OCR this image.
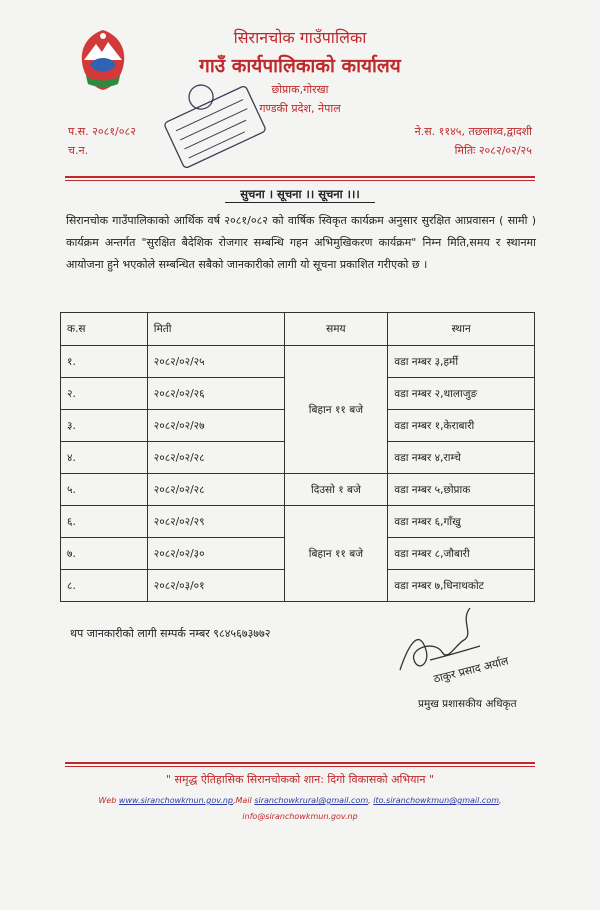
सिरानचोक गाउँपालिका
गाउँ कार्यपालिकाको कार्यालय
छोप्राक,गोरखा
गण्डकी प्रदेश, नेपाल
प.स. २०८१/०८२
च.न.
ने.स. ११४५, तछलाथ्व,द्वादशी
मितिः २०८२/०२/२५
सुचना । सूचना ।। सूचना ।।।
सिरानचोक गाउँपालिकाको आर्थिक वर्ष २०८१/०८२ को वार्षिक स्विकृत कार्यक्रम अनुसार सुरक्षित आप्रवासन ( सामी ) कार्यक्रम अन्तर्गत "सुरक्षित बैदेशिक रोजगार सम्बन्धि गहन अभिमुखिकरण कार्यक्रम" निम्न मिति,समय र स्थानमा आयोजना हुने भएकोले सम्बन्धित सबैको जानकारीको लागी यो सूचना प्रकाशित गरीएको छ ।
क.स	मिती	समय	स्थान
१.	२०८२/०२/२५	बिहान ११ बजे	वडा नम्बर ३,हर्मी
२.	२०८२/०२/२६		वडा नम्बर २,थालाजुङ
३.	२०८२/०२/२७		वडा नम्बर १,केराबारी
४.	२०८२/०२/२८		वडा नम्बर ४,राम्चे
५.	२०८२/०२/२८	दिउसो १ बजे	वडा नम्बर ५,छोप्राक
६.	२०८२/०२/२९	बिहान ११ बजे	वडा नम्बर ६,गाँखु
७.	२०८२/०२/३०		वडा नम्बर ८,जौबारी
८.	२०८२/०३/०१		वडा नम्बर ७,धिनाथकोट
थप जानकारीको लागी सम्पर्क नम्बर ९८४५६७३७७२
ठाकुर प्रसाद अर्याल
प्रमुख प्रशासकीय अधिकृत
" समृद्ध ऐतिहासिक सिरानचोकको शान: दिगो विकासको अभियान "
Web www.siranchowkmun.gov.np,Mail siranchowkrural@gmail.com, ito.siranchowkmun@gmail.com,
info@siranchowkmun.gov.np
